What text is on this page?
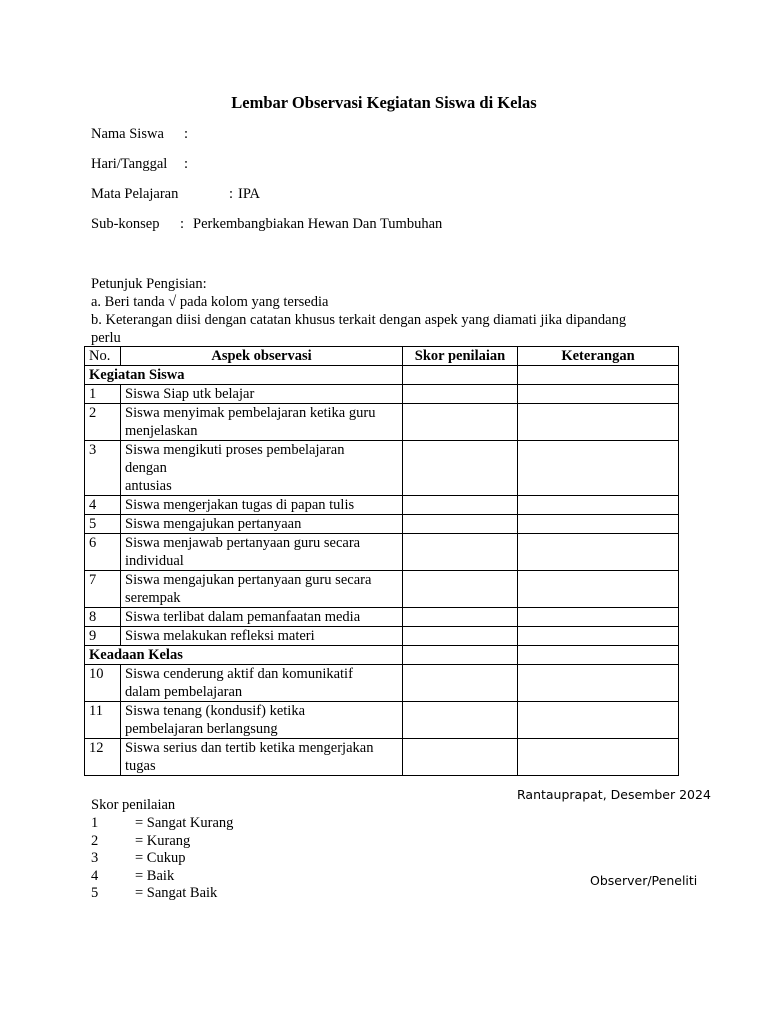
Lembar Observasi Kegiatan Siswa di Kelas
Nama Siswa :
Hari/Tanggal :
Mata Pelajaran	: IPA
Sub-konsep : Perkembangbiakan Hewan Dan Tumbuhan
Petunjuk Pengisian:
a. Beri tanda √ pada kolom yang tersedia
b. Keterangan diisi dengan catatan khusus terkait dengan aspek yang diamati jika dipandang
perlu
No.	Aspek observasi	Skor penilaian	Keterangan
Kegiatan Siswa			
1	Siswa Siap utk belajar		

2	Siswa menyimak pembelajaran ketika guru
menjelaskan		

3	Siswa mengikuti proses pembelajaran
dengan
antusias		

4	Siswa mengerjakan tugas di papan tulis		

5	Siswa mengajukan pertanyaan		

6	Siswa menjawab pertanyaan guru secara
individual		

7	Siswa mengajukan pertanyaan guru secara
serempak		

8	Siswa terlibat dalam pemanfaatan media		

9	Siswa melakukan refleksi materi		

Keadaan Kelas			
10	Siswa cenderung aktif dan komunikatif
dalam pembelajaran		

11	Siswa tenang (kondusif) ketika
pembelajaran berlangsung		

12	Siswa serius dan tertib ketika mengerjakan
tugas		

Rantauprapat, Desember 2024
Observer/Peneliti
Skor penilaian
1	= Sangat Kurang
2	= Kurang
3	= Cukup
4	= Baik
5	= Sangat Baik
